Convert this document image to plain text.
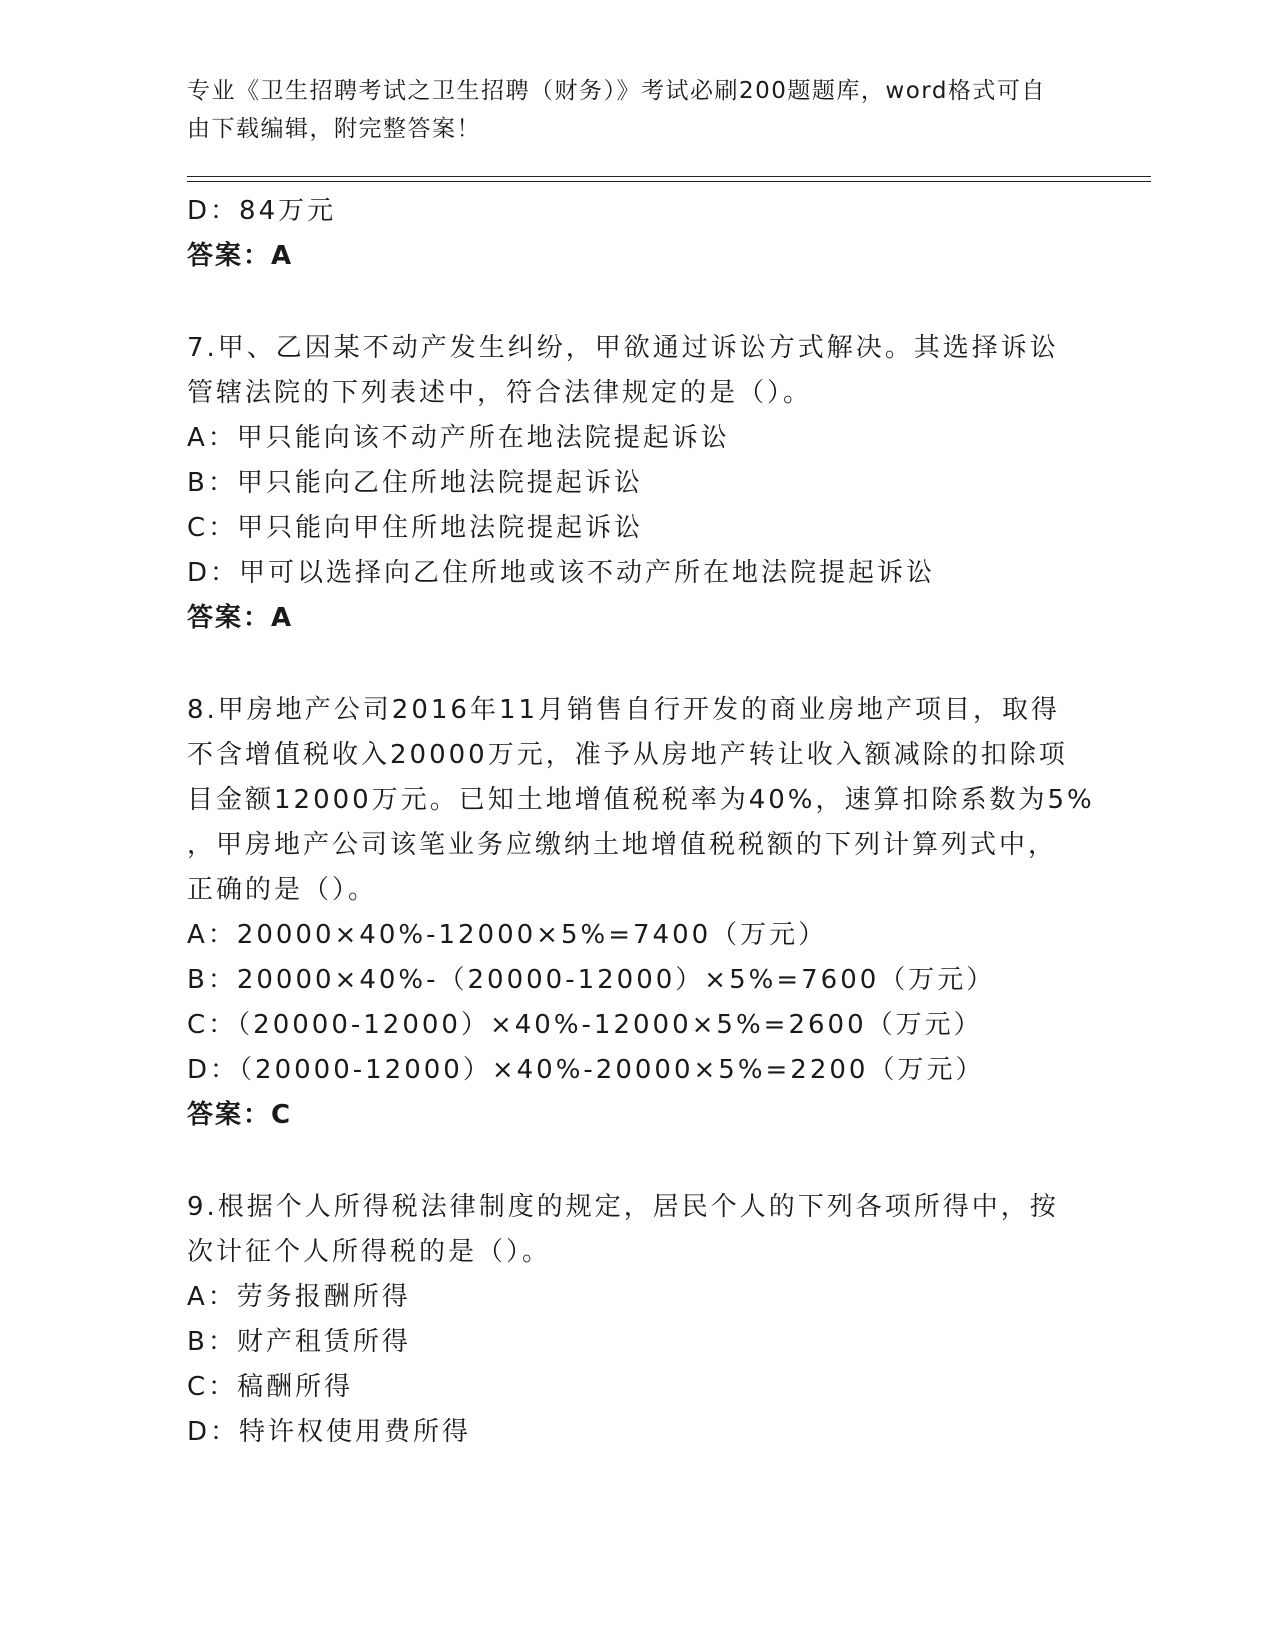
专业《卫生招聘考试之卫生招聘（财务）》考试必刷200题题库，word格式可自
由下载编辑，附完整答案！
D：84万元
答案：A
7.甲、乙因某不动产发生纠纷，甲欲通过诉讼方式解决。其选择诉讼
管辖法院的下列表述中，符合法律规定的是（）。
A：甲只能向该不动产所在地法院提起诉讼
B：甲只能向乙住所地法院提起诉讼
C：甲只能向甲住所地法院提起诉讼
D：甲可以选择向乙住所地或该不动产所在地法院提起诉讼
答案：A
8.甲房地产公司2016年11月销售自行开发的商业房地产项目，取得
不含增值税收入20000万元，准予从房地产转让收入额减除的扣除项
目金额12000万元。已知土地增值税税率为40%，速算扣除系数为5%
，甲房地产公司该笔业务应缴纳土地增值税税额的下列计算列式中，
正确的是（）。
A：20000×40%-12000×5%=7400（万元）
B：20000×40%-（20000-12000）×5%=7600（万元）
C：（20000-12000）×40%-12000×5%=2600（万元）
D：（20000-12000）×40%-20000×5%=2200（万元）
答案：C
9.根据个人所得税法律制度的规定，居民个人的下列各项所得中，按
次计征个人所得税的是（）。
A：劳务报酬所得
B：财产租赁所得
C：稿酬所得
D：特许权使用费所得
